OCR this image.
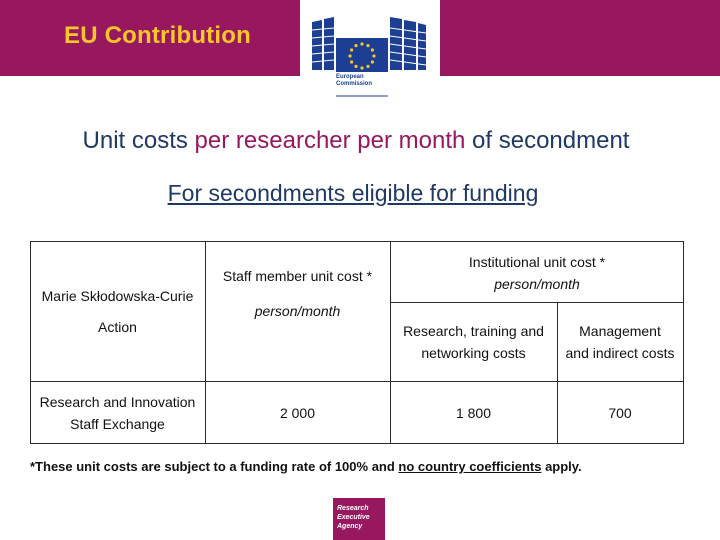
EU Contribution
European
Commission
Unit costs per researcher per month of secondment
For secondments eligible for funding
Marie Skłodowska-Curie
Action
Staff member unit cost *
person/month
Institutional unit cost *
person/month
Research, training and
networking costs
Management
and indirect costs
Research and Innovation
Staff Exchange
2 000	1 800	700
*These unit costs are subject to a funding rate of 100% and no country coefficients apply.
Research
Executive
Agency
